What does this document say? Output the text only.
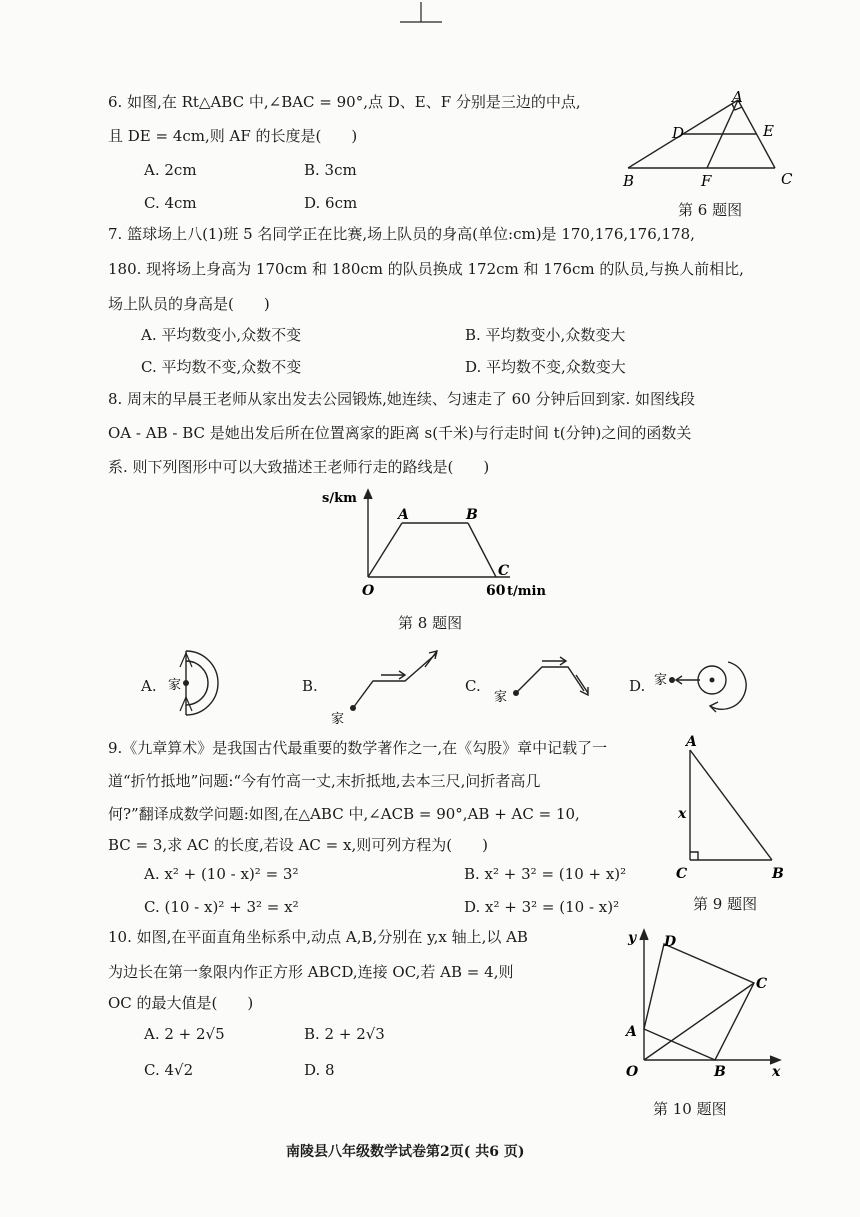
6. 如图,在 Rt△ABC 中,∠BAC = 90°,点 D、E、F 分别是三边的中点,
且 DE = 4cm,则 AF 的长度是(　　)
A. 2cm	B. 3cm
C. 4cm	D. 6cm
A
D	E
B	F	C
第 6 题图
7. 篮球场上八(1)班 5 名同学正在比赛,场上队员的身高(单位:cm)是 170,176,176,178,
180. 现将场上身高为 170cm 和 180cm 的队员换成 172cm 和 176cm 的队员,与换人前相比,
场上队员的身高是(　　)
A. 平均数变小,众数不变	B. 平均数变小,众数变大
C. 平均数不变,众数不变	D. 平均数不变,众数变大
8. 周末的早晨王老师从家出发去公园锻炼,她连续、匀速走了 60 分钟后回到家. 如图线段
OA - AB - BC 是她出发后所在位置离家的距离 s(千米)与行走时间 t(分钟)之间的函数关
系. 则下列图形中可以大致描述王老师行走的路线是(　　)
s/km
A	B
C
O	60 t/min
第 8 题图
A. 家	B.
家
C.
家
D. 家
9.《九章算术》是我国古代最重要的数学著作之一,在《勾股》章中记载了一
道“折竹抵地”问题:“今有竹高一丈,末折抵地,去本三尺,问折者高几
何?”翻译成数学问题:如图,在△ABC 中,∠ACB = 90°,AB + AC = 10,
BC = 3,求 AC 的长度,若设 AC = x,则可列方程为(　　)
A. x² + (10 - x)² = 3²	B. x² + 3² = (10 + x)²
C. (10 - x)² + 3² = x²	D. x² + 3² = (10 - x)²
A
x
C	B
第 9 题图
10. 如图,在平面直角坐标系中,动点 A,B,分别在 y,x 轴上,以 AB
为边长在第一象限内作正方形 ABCD,连接 OC,若 AB = 4,则
OC 的最大值是(　　)
A. 2 + 2√5	B. 2 + 2√3
C. 4√2	D. 8
y D
C
A
O	B	x
第 10 题图
南陵县八年级数学试卷第2页( 共6 页)
